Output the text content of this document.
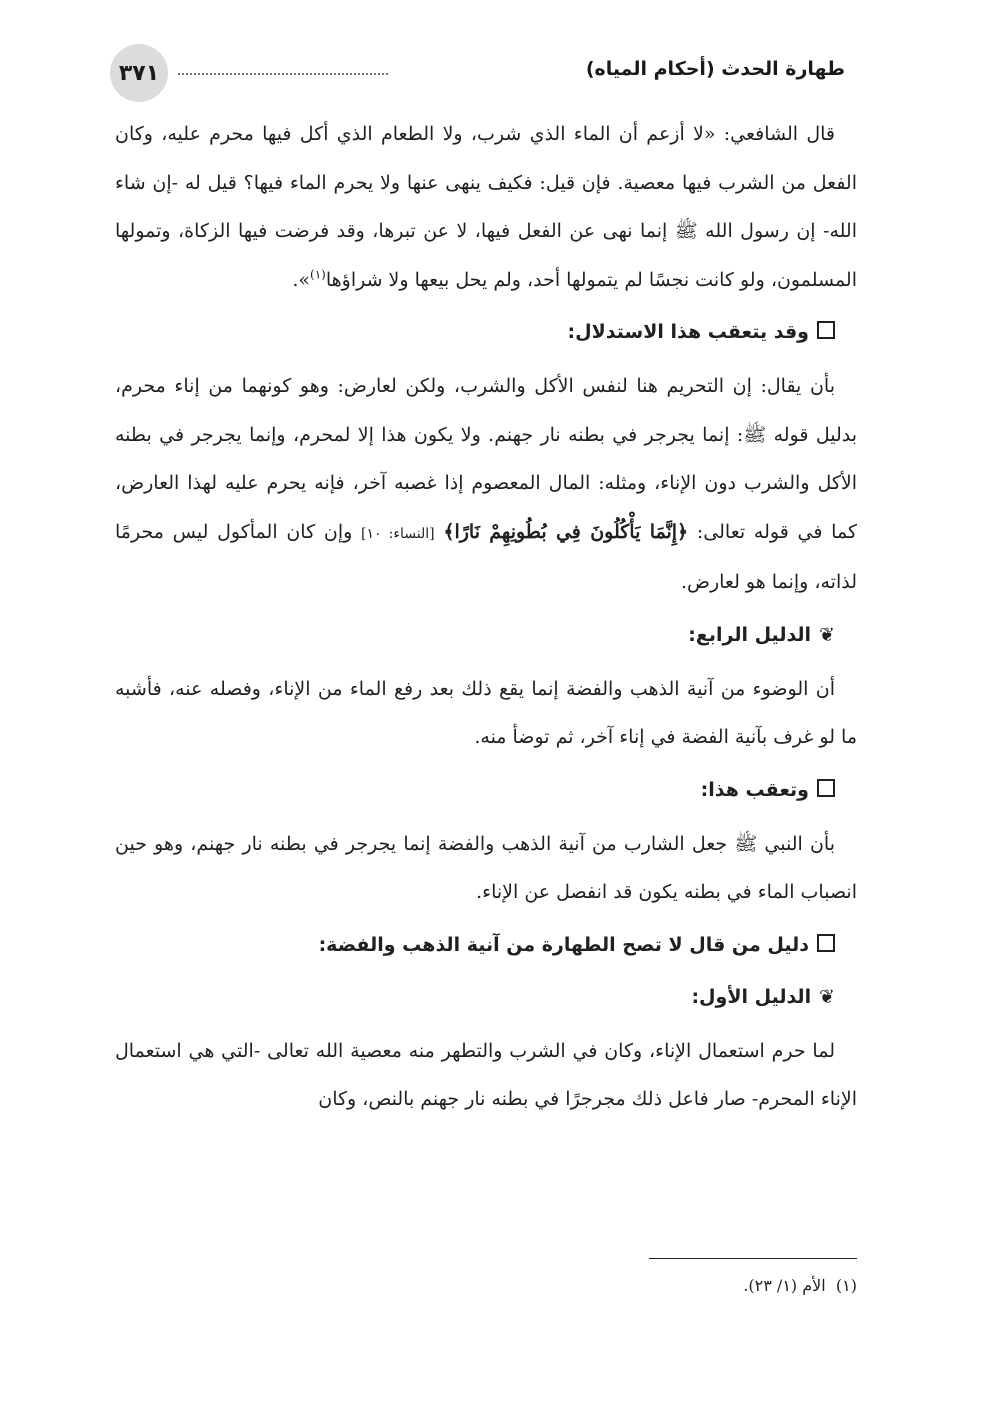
٣٧١	طهارة الحدث (أحكام المياه)

قال الشافعي: «لا أزعم أن الماء الذي شرب، ولا الطعام الذي أكل فيها محرم عليه، وكان الفعل من الشرب فيها معصية. فإن قيل: فكيف ينهى عنها ولا يحرم الماء فيها؟ قيل له -إن شاء الله- إن رسول الله ﷺ إنما نهى عن الفعل فيها، لا عن تبرها، وقد فرضت فيها الزكاة، وتمولها المسلمون، ولو كانت نجسًا لم يتمولها أحد، ولم يحل بيعها ولا شراؤها$^{(١)}$».

وقد يتعقب هذا الاستدلال:

بأن يقال: إن التحريم هنا لنفس الأكل والشرب، ولكن لعارض: وهو كونهما من إناء محرم، بدليل قوله ﷺ: إنما يجرجر في بطنه نار جهنم. ولا يكون هذا إلا لمحرم، وإنما يجرجر في بطنه الأكل والشرب دون الإناء، ومثله: المال المعصوم إذا غصبه آخر، فإنه يحرم عليه لهذا العارض، كما في قوله تعالى: ﴿إِنَّمَا يَأْكُلُونَ فِي بُطُونِهِمْ نَارًا﴾ [النساء: ١٠] وإن كان المأكول ليس محرمًا لذاته، وإنما هو لعارض.

❦الدليل الرابع:

أن الوضوء من آنية الذهب والفضة إنما يقع ذلك بعد رفع الماء من الإناء، وفصله عنه، فأشبه ما لو غرف بآنية الفضة في إناء آخر، ثم توضأ منه.

وتعقب هذا:

بأن النبي ﷺ جعل الشارب من آنية الذهب والفضة إنما يجرجر في بطنه نار جهنم، وهو حين انصباب الماء في بطنه يكون قد انفصل عن الإناء.

دليل من قال لا تصح الطهارة من آنية الذهب والفضة:

❦الدليل الأول:

لما حرم استعمال الإناء، وكان في الشرب والتطهر منه معصية الله تعالى -التي هي استعمال الإناء المحرم- صار فاعل ذلك مجرجرًا في بطنه نار جهنم بالنص، وكان

(١)  الأم (١/ ٢٣).
